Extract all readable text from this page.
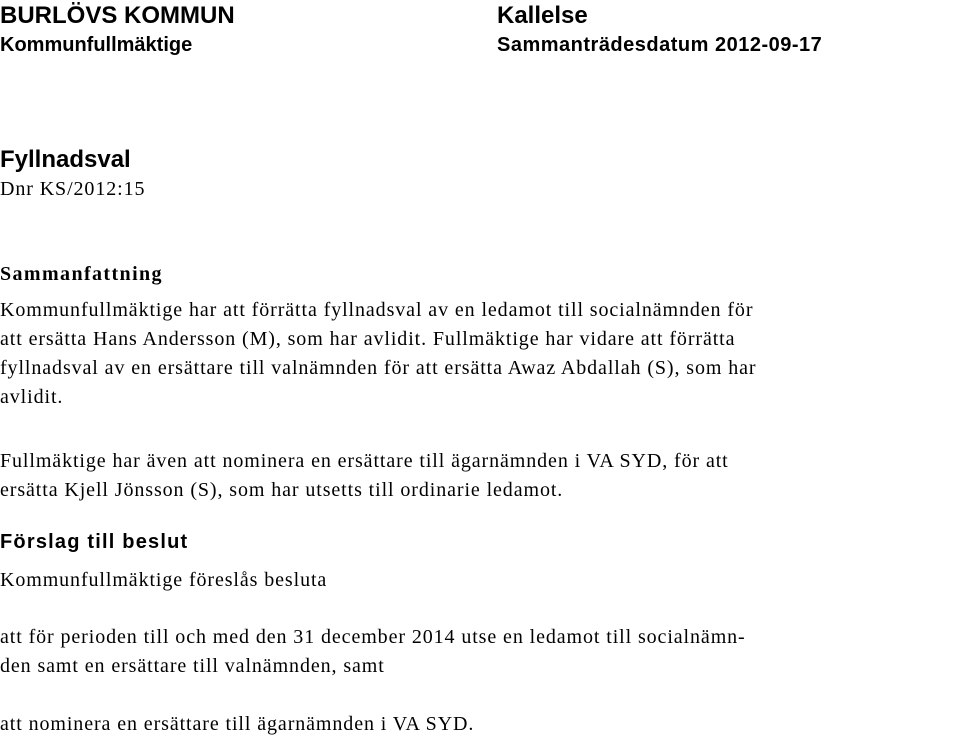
BURLÖVS KOMMUN
Kommunfullmäktige
Kallelse
Sammanträdesdatum 2012-09-17
Fyllnadsval

Dnr KS/2012:15

Sammanfattning

Kommunfullmäktige har att förrätta fyllnadsval av en ledamot till socialnämnden för
att ersätta Hans Andersson (M), som har avlidit. Fullmäktige har vidare att förrätta
fyllnadsval av en ersättare till valnämnden för att ersätta Awaz Abdallah (S), som har
avlidit.

Fullmäktige har även att nominera en ersättare till ägarnämnden i VA SYD, för att
ersätta Kjell Jönsson (S), som har utsetts till ordinarie ledamot.

Förslag till beslut

Kommunfullmäktige föreslås besluta

att för perioden till och med den 31 december 2014 utse en ledamot till socialnämn-
den samt en ersättare till valnämnden, samt

att nominera en ersättare till ägarnämnden i VA SYD.
